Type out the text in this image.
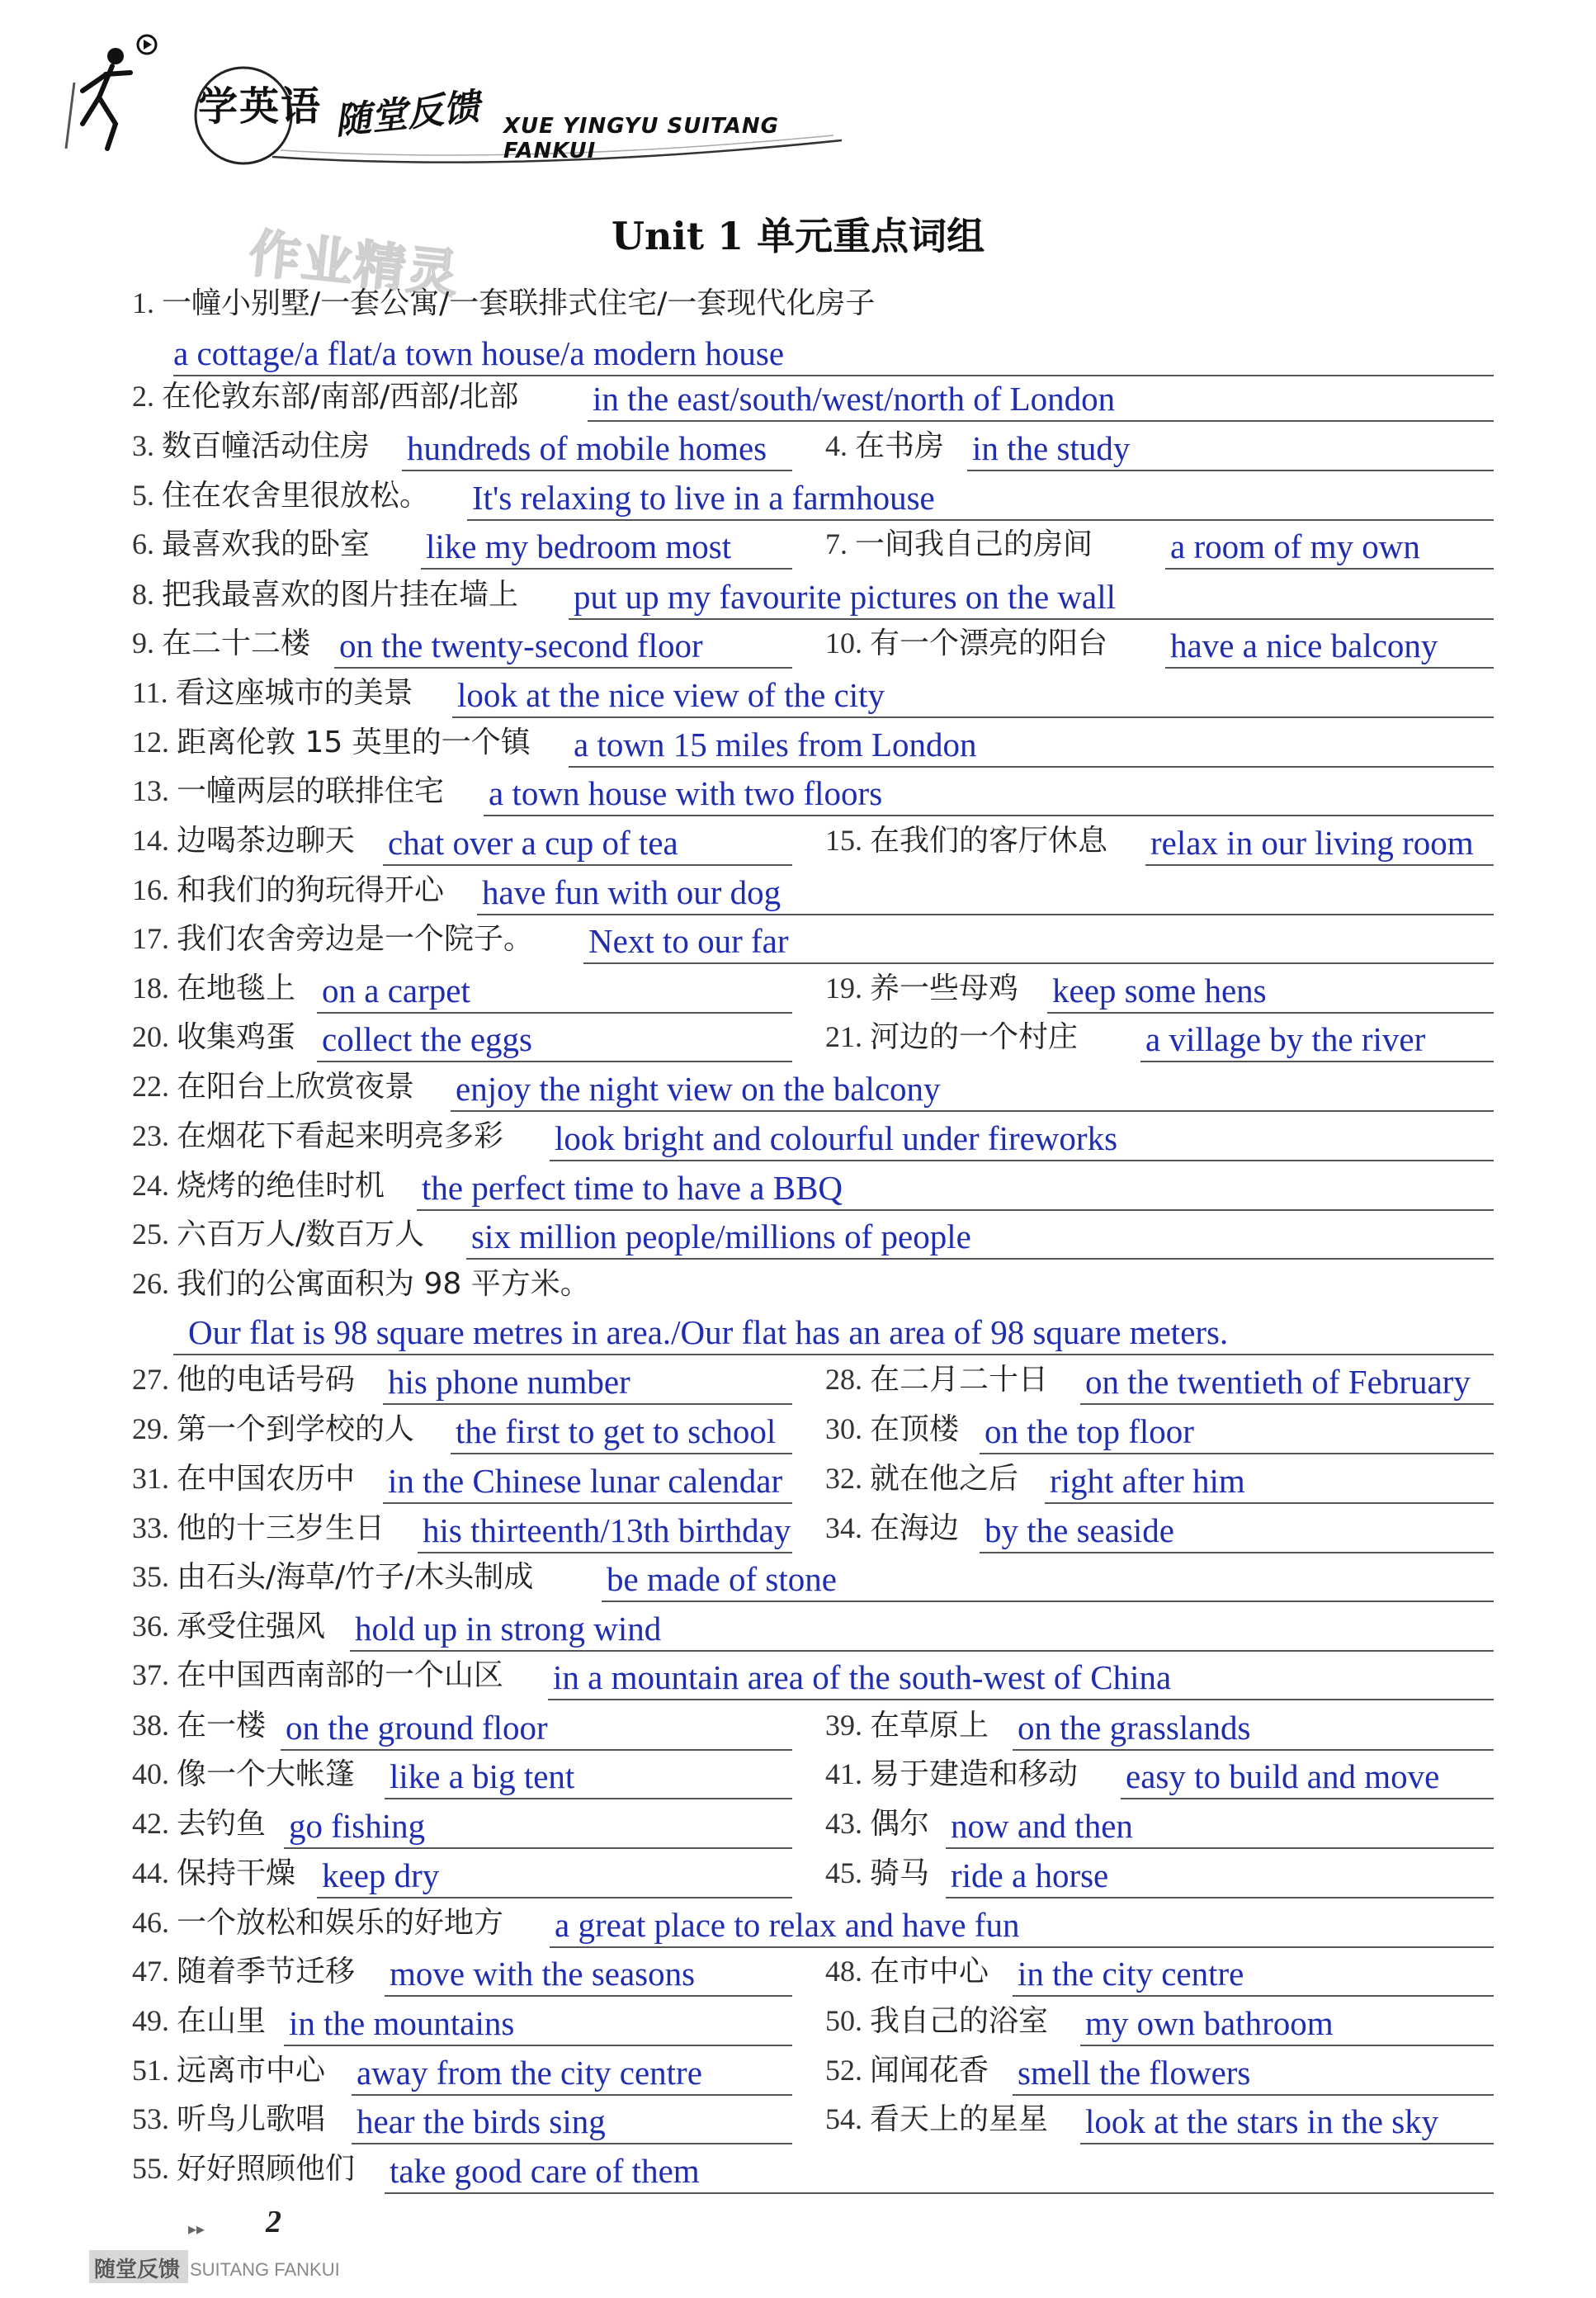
学英语 随堂反馈 XUE YINGYU SUITANG FANKUI
作业精灵	Unit 1 单元重点词组
1. 一幢小别墅/一套公寓/一套联排式住宅/一套现代化房子
a cottage/a flat/a town house/a modern house
2. 在伦敦东部/南部/西部/北部 in the east/south/west/north of London
3. 数百幢活动住房 hundreds of mobile homes 4. 在书房 in the study
5. 住在农舍里很放松。 It's relaxing to live in a farmhouse
6. 最喜欢我的卧室 like my bedroom most	7. 一间我自己的房间 a room of my own
8. 把我最喜欢的图片挂在墙上 put up my favourite pictures on the wall
9. 在二十二楼 on the twenty-second floor	10. 有一个漂亮的阳台 have a nice balcony
11. 看这座城市的美景 look at the nice view of the city
12. 距离伦敦 15 英里的一个镇 a town 15 miles from London
13. 一幢两层的联排住宅 a town house with two floors
14. 边喝茶边聊天 chat over a cup of tea	15. 在我们的客厅休息 relax in our living room
16. 和我们的狗玩得开心 have fun with our dog
17. 我们农舍旁边是一个院子。 Next to our far
18. 在地毯上 on a carpet	19. 养一些母鸡 keep some hens
20. 收集鸡蛋 collect the eggs	21. 河边的一个村庄 a village by the river
22. 在阳台上欣赏夜景 enjoy the night view on the balcony
23. 在烟花下看起来明亮多彩 look bright and colourful under fireworks
24. 烧烤的绝佳时机 the perfect time to have a BBQ
25. 六百万人/数百万人 six million people/millions of people
26. 我们的公寓面积为 98 平方米。
Our flat is 98 square metres in area./Our flat has an area of 98 square meters.
27. 他的电话号码 his phone number	28. 在二月二十日 on the twentieth of February
29. 第一个到学校的人 the first to get to school 30. 在顶楼 on the top floor
31. 在中国农历中 in the Chinese lunar calendar 32. 就在他之后 right after him
33. 他的十三岁生日 his thirteenth/13th birthday 34. 在海边 by the seaside
35. 由石头/海草/竹子/木头制成 be made of stone
36. 承受住强风 hold up in strong wind
37. 在中国西南部的一个山区 in a mountain area of the south-west of China
38. 在一楼 on the ground floor	39. 在草原上 on the grasslands
40. 像一个大帐篷 like a big tent	41. 易于建造和移动 easy to build and move
42. 去钓鱼 go fishing	43. 偶尔 now and then
44. 保持干燥 keep dry	45. 骑马 ride a horse
46. 一个放松和娱乐的好地方 a great place to relax and have fun
47. 随着季节迁移 move with the seasons	48. 在市中心 in the city centre
49. 在山里 in the mountains	50. 我自己的浴室 my own bathroom
51. 远离市中心 away from the city centre	52. 闻闻花香 smell the flowers
53. 听鸟儿歌唱 hear the birds sing	54. 看天上的星星 look at the stars in the sky
55. 好好照顾他们 take good care of them
▸▸ 2
随堂反馈 SUITANG FANKUI
